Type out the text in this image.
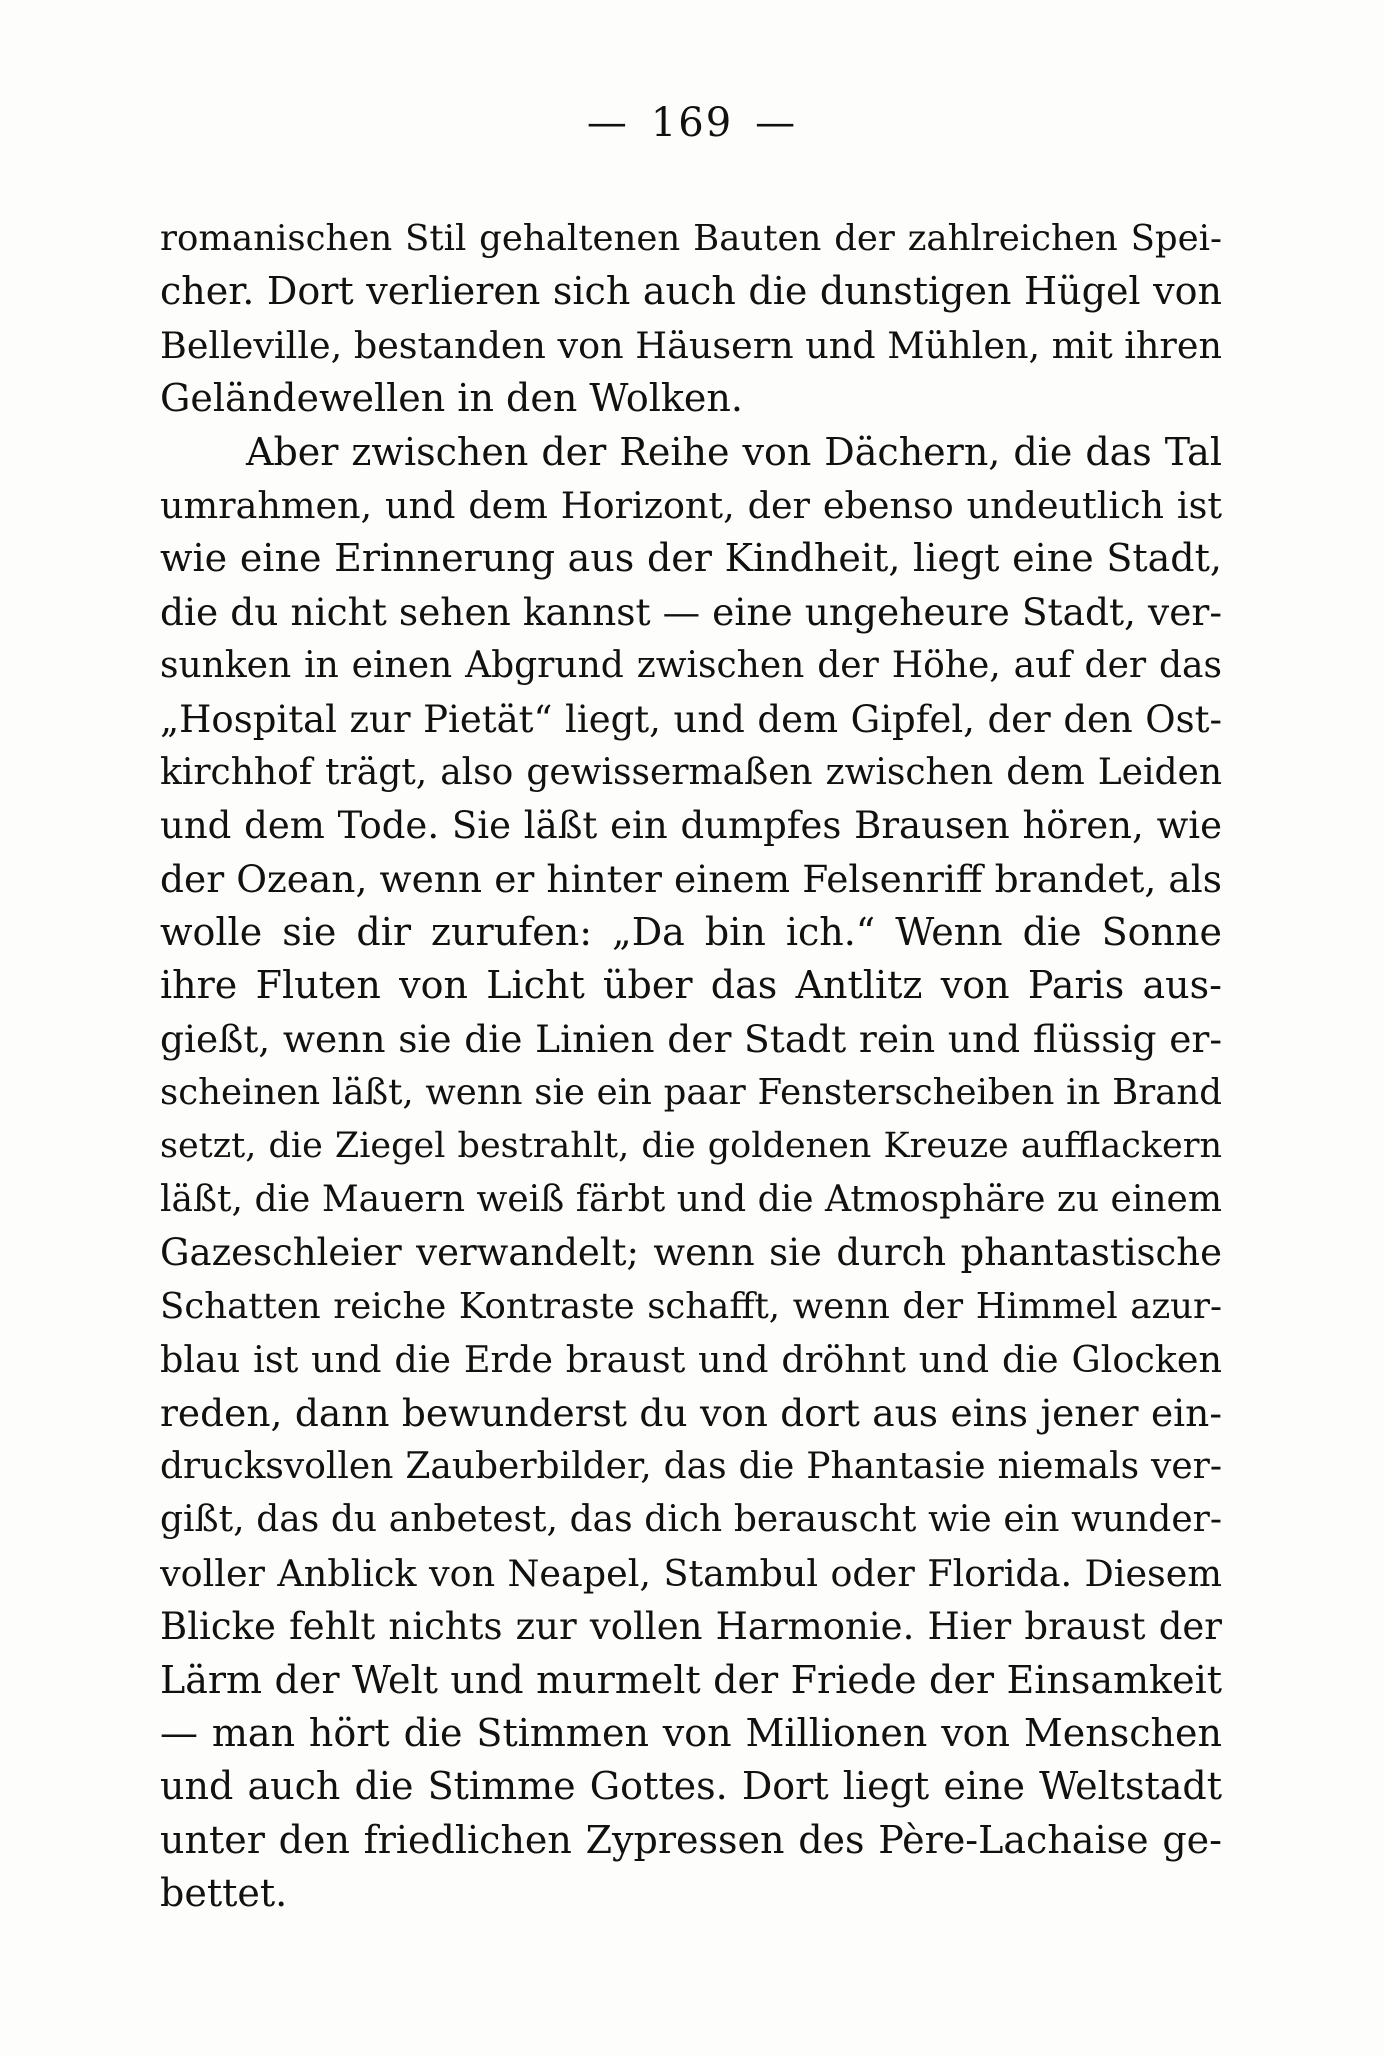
— 169 —
romanischen Stil gehaltenen Bauten der zahlreichen Spei-
cher. Dort verlieren sich auch die dunstigen Hügel von
Belleville, bestanden von Häusern und Mühlen, mit ihren
Geländewellen in den Wolken.
Aber zwischen der Reihe von Dächern, die das Tal
umrahmen, und dem Horizont, der ebenso undeutlich ist
wie eine Erinnerung aus der Kindheit, liegt eine Stadt,
die du nicht sehen kannst — eine ungeheure Stadt, ver-
sunken in einen Abgrund zwischen der Höhe, auf der das
„Hospital zur Pietät“ liegt, und dem Gipfel, der den Ost-
kirchhof trägt, also gewissermaßen zwischen dem Leiden
und dem Tode. Sie läßt ein dumpfes Brausen hören, wie
der Ozean, wenn er hinter einem Felsenriff brandet, als
wolle sie dir zurufen: „Da bin ich.“ Wenn die Sonne
ihre Fluten von Licht über das Antlitz von Paris aus-
gießt, wenn sie die Linien der Stadt rein und flüssig er-
scheinen läßt, wenn sie ein paar Fensterscheiben in Brand
setzt, die Ziegel bestrahlt, die goldenen Kreuze aufflackern
läßt, die Mauern weiß färbt und die Atmosphäre zu einem
Gazeschleier verwandelt; wenn sie durch phantastische
Schatten reiche Kontraste schafft, wenn der Himmel azur-
blau ist und die Erde braust und dröhnt und die Glocken
reden, dann bewunderst du von dort aus eins jener ein-
drucksvollen Zauberbilder, das die Phantasie niemals ver-
gißt, das du anbetest, das dich berauscht wie ein wunder-
voller Anblick von Neapel, Stambul oder Florida. Diesem
Blicke fehlt nichts zur vollen Harmonie. Hier braust der
Lärm der Welt und murmelt der Friede der Einsamkeit
— man hört die Stimmen von Millionen von Menschen
und auch die Stimme Gottes. Dort liegt eine Weltstadt
unter den friedlichen Zypressen des Père-Lachaise ge-
bettet.
